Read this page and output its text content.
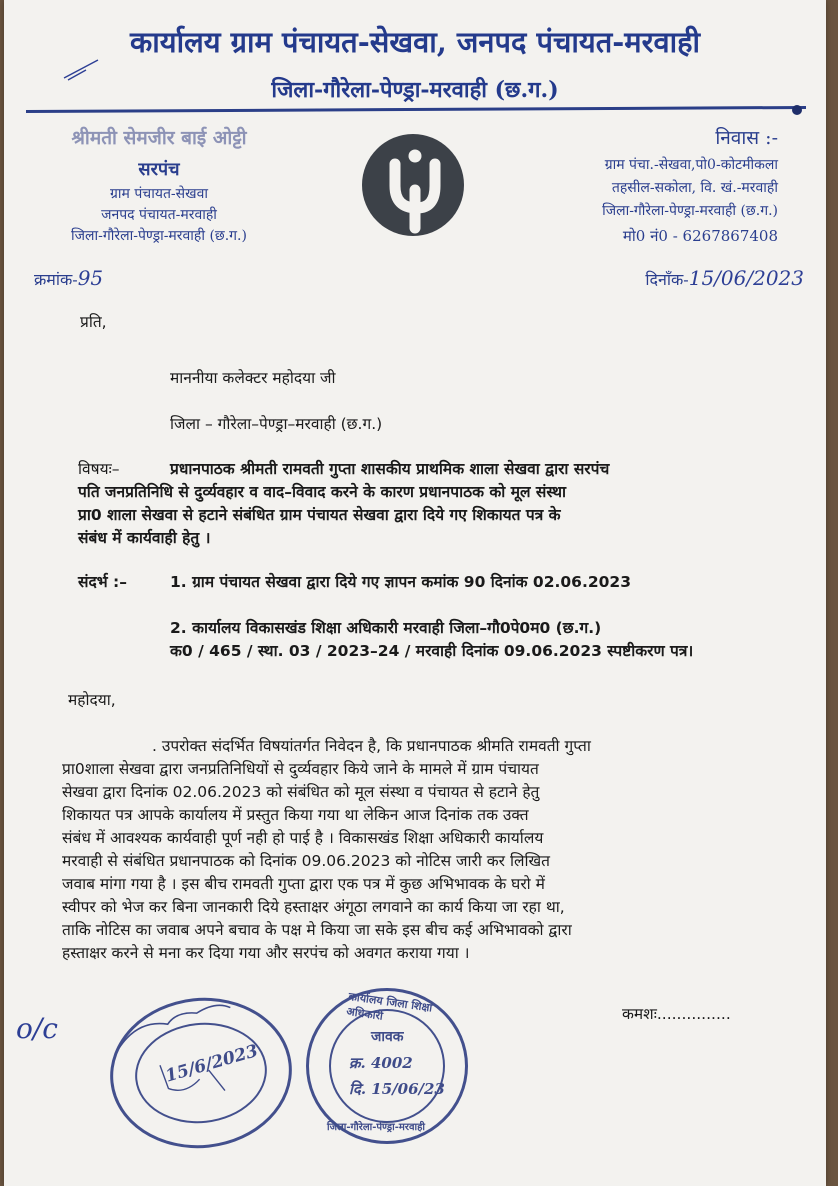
कार्यालय ग्राम पंचायत-सेखवा, जनपद पंचायत-मरवाही
जिला-गौरेला-पेण्ड्रा-मरवाही (छ.ग.)
श्रीमती सेमजीर बाई ओट्टी
सरपंच
ग्राम पंचायत-सेखवा
जनपद पंचायत-मरवाही
जिला-गौरेला-पेण्ड्रा-मरवाही (छ.ग.)
निवास :-
ग्राम पंचा.-सेखवा,पो0-कोटमीकला
तहसील-सकोला, वि. खं.-मरवाही
जिला-गौरेला-पेण्ड्रा-मरवाही (छ.ग.)
मो0 नं0 - 6267867408
क्रमांक-95	दिनाँक-15/06/2023
प्रति,
माननीया कलेक्टर महोदया जी
जिला – गौरेला–पेण्ड्रा–मरवाही (छ.ग.)
विषयः–	प्रधानपाठक श्रीमती रामवती गुप्ता शासकीय प्राथमिक शाला सेखवा द्वारा सरपंच
पति जनप्रतिनिधि से दुर्व्यवहार व वाद–विवाद करने के कारण प्रधानपाठक को मूल संस्था
प्रा0 शाला सेखवा से हटाने संबंधित ग्राम पंचायत सेखवा द्वारा दिये गए शिकायत पत्र के
संबंध में कार्यवाही हेतु ।
संदर्भ :–	1. ग्राम पंचायत सेखवा द्वारा दिये गए ज्ञापन कमांक 90 दिनांक 02.06.2023
2. कार्यालय विकासखंड शिक्षा अधिकारी मरवाही जिला–गौ0पे0म0 (छ.ग.)
क0 / 465 / स्था. 03 / 2023–24 / मरवाही दिनांक 09.06.2023 स्पष्टीकरण पत्र।
महोदया,
. उपरोक्त संदर्भित विषयांतर्गत निवेदन है, कि प्रधानपाठक श्रीमति रामवती गुप्ता
प्रा0शाला सेखवा द्वारा जनप्रतिनिधियों से दुर्व्यवहार किये जाने के मामले में ग्राम पंचायत
सेखवा द्वारा दिनांक 02.06.2023 को संबंधित को मूल संस्था व पंचायत से हटाने हेतु
शिकायत पत्र आपके कार्यालय में प्रस्तुत किया गया था लेकिन आज दिनांक तक उक्त
संबंध में आवश्यक कार्यवाही पूर्ण नही हो पाई है । विकासखंड शिक्षा अधिकारी कार्यालय
मरवाही से संबंधित प्रधानपाठक को दिनांक 09.06.2023 को नोटिस जारी कर लिखित
जवाब मांगा गया है । इस बीच रामवती गुप्ता द्वारा एक पत्र में कुछ अभिभावक के घरो में
स्वीपर को भेज कर बिना जानकारी दिये हस्ताक्षर अंगूठा लगवाने का कार्य किया जा रहा था,
ताकि नोटिस का जवाब अपने बचाव के पक्ष मे किया जा सके इस बीच कई अभिभावको द्वारा
हस्ताक्षर करने से मना कर दिया गया और सरपंच को अवगत कराया गया ।
कमशः...............
o/c
15/6/2023
कार्यालय जिला शिक्षा अधिकारी
जावक
क्र. 4002
दि. 15/06/23
जिला-गौरेला-पेण्ड्रा-मरवाही
